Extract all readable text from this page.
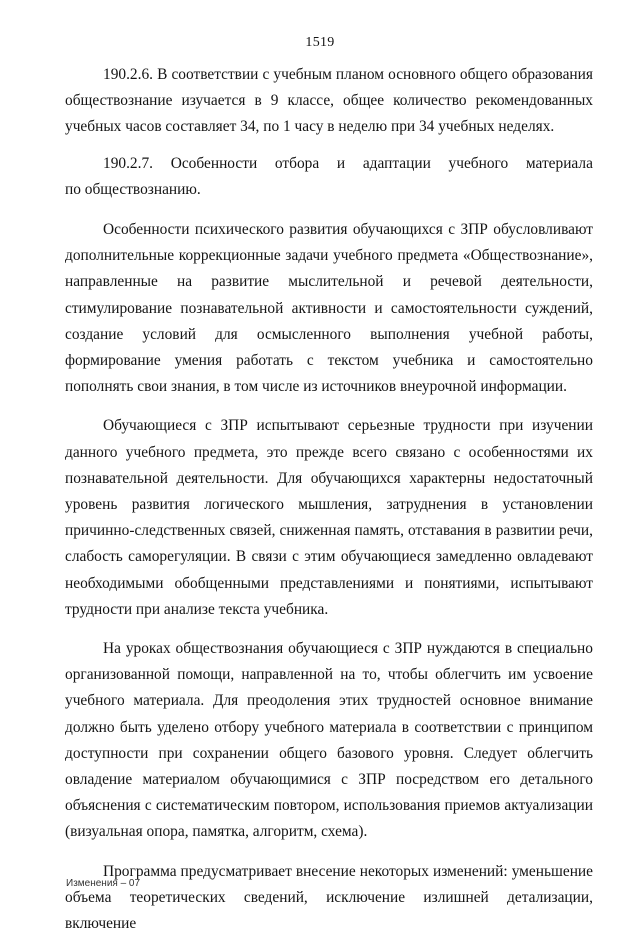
1519

190.2.6. В соответствии с учебным планом основного общего образования обществознание изучается в 9 классе, общее количество рекомендованных учебных часов составляет 34, по 1 часу в неделю при 34 учебных неделях.

190.2.7. Особенности отбора и адаптации учебного материала

по обществознанию.

Особенности психического развития обучающихся с ЗПР обусловливают дополнительные коррекционные задачи учебного предмета «Обществознание», направленные на развитие мыслительной и речевой деятельности, стимулирование познавательной активности и самостоятельности суждений, создание условий для осмысленного выполнения учебной работы, формирование умения работать с текстом учебника и самостоятельно пополнять свои знания, в том числе из источников внеурочной информации.

Обучающиеся с ЗПР испытывают серьезные трудности при изучении данного учебного предмета, это прежде всего связано с особенностями их познавательной деятельности. Для обучающихся характерны недостаточный уровень развития логического мышления, затруднения в установлении причинно-следственных связей, сниженная память, отставания в развитии речи, слабость саморегуляции. В связи с этим обучающиеся замедленно овладевают необходимыми обобщенными представлениями и понятиями, испытывают трудности при анализе текста учебника.

На уроках обществознания обучающиеся с ЗПР нуждаются в специально организованной помощи, направленной на то, чтобы облегчить им усвоение учебного материала. Для преодоления этих трудностей основное внимание должно быть уделено отбору учебного материала в соответствии с принципом доступности при сохранении общего базового уровня. Следует облегчить овладение материалом обучающимися с ЗПР посредством его детального объяснения с систематическим повтором, использования приемов актуализации (визуальная опора, памятка, алгоритм, схема).

Программа предусматривает внесение некоторых изменений: уменьшение объема теоретических сведений, исключение излишней детализации, включение

Изменения – 07
